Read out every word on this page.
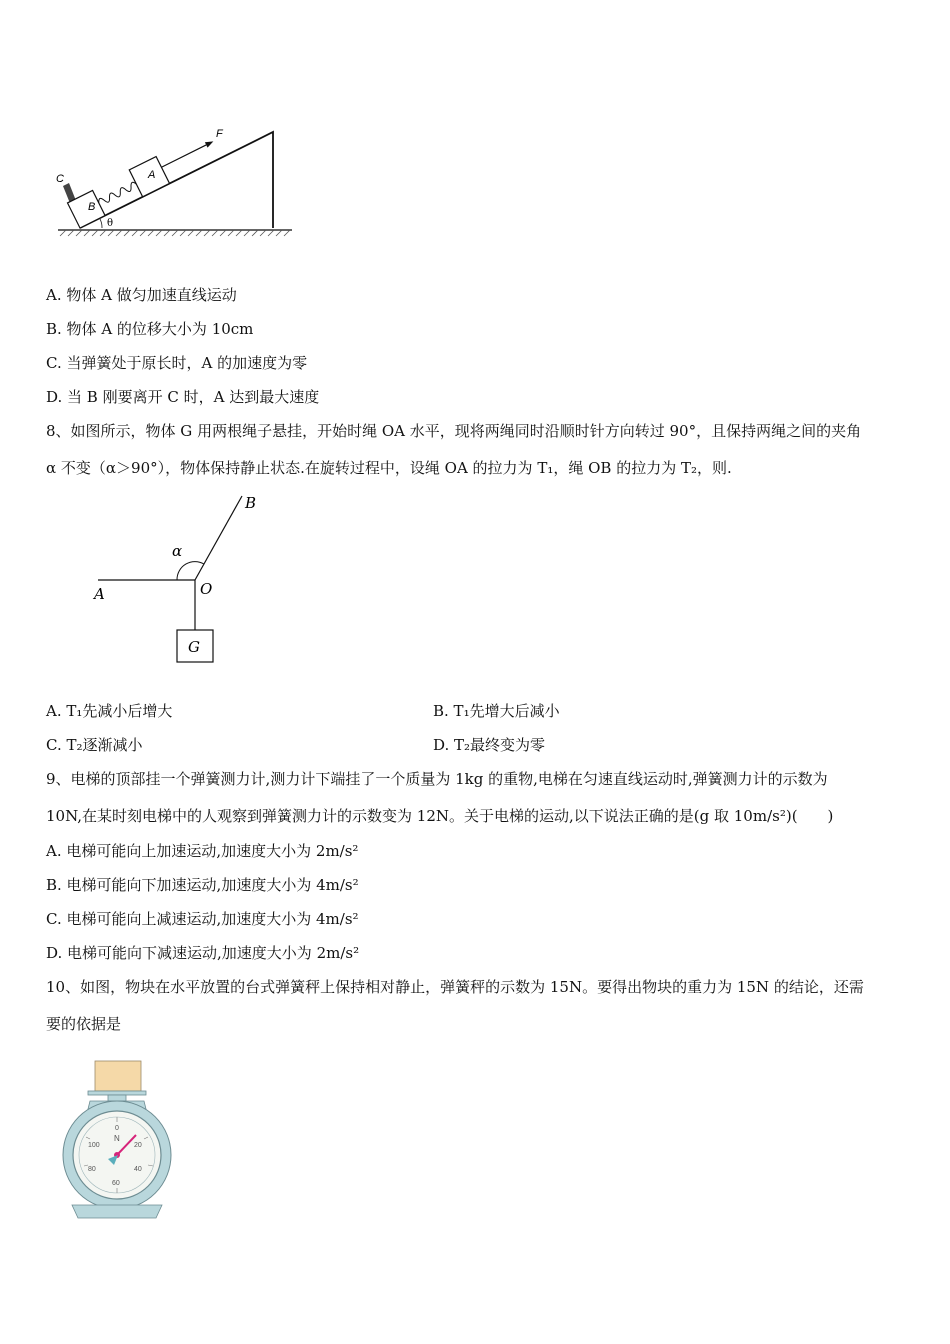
C
B
A
F
θ
A. 物体 A 做匀加速直线运动
B. 物体 A 的位移大小为 10cm
C. 当弹簧处于原长时，A 的加速度为零
D. 当 B 刚要离开 C 时，A 达到最大速度
8、如图所示，物体 G 用两根绳子悬挂，开始时绳 OA 水平，现将两绳同时沿顺时针方向转过 90°，且保持两绳之间的夹角
α 不变（α＞90°），物体保持静止状态.在旋转过程中，设绳 OA 的拉力为 T₁，绳 OB 的拉力为 T₂，则.
B
α
A	O
G
A. T₁先减小后增大	B. T₁先增大后减小
C. T₂逐渐减小	D. T₂最终变为零
9、电梯的顶部挂一个弹簧测力计,测力计下端挂了一个质量为 1kg 的重物,电梯在匀速直线运动时,弹簧测力计的示数为
10N,在某时刻电梯中的人观察到弹簧测力计的示数变为 12N。关于电梯的运动,以下说法正确的是(g 取 10m/s²)(　　)
A. 电梯可能向上加速运动,加速度大小为 2m/s²
B. 电梯可能向下加速运动,加速度大小为 4m/s²
C. 电梯可能向上减速运动,加速度大小为 4m/s²
D. 电梯可能向下减速运动,加速度大小为 2m/s²
10、如图，物块在水平放置的台式弹簧秤上保持相对静止，弹簧秤的示数为 15N。要得出物块的重力为 15N 的结论，还需
要的依据是
N
0
20
40
60
80
100
